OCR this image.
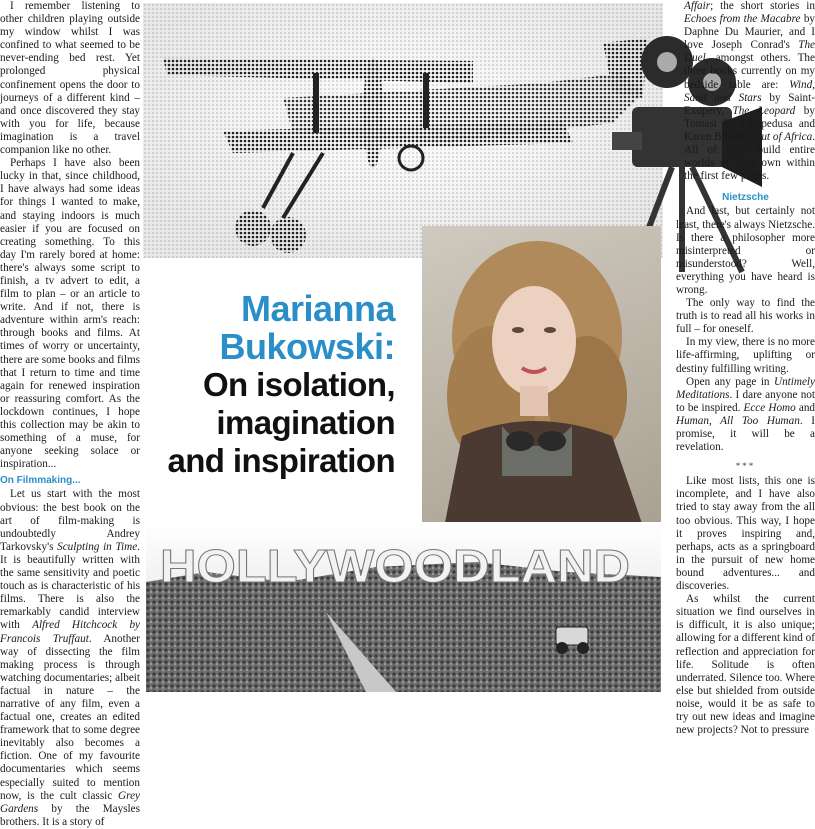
I remember listening to other children playing outside my window whilst I was confined to what seemed to be never-ending bed rest. Yet prolonged physical confinement opens the door to journeys of a different kind – and once discovered they stay with you for life, because imagination is a travel companion like no other.

Perhaps I have also been lucky in that, since childhood, I have always had some ideas for things I wanted to make, and staying indoors is much easier if you are focused on creating something. To this day I'm rarely bored at home: there's always some script to finish, a tv advert to edit, a film to plan – or an article to write. And if not, there is adventure within arm's reach: through books and films. At times of worry or uncertainty, there are some books and films that I return to time and time again for renewed inspiration or reassuring comfort. As the lockdown continues, I hope this collection may be akin to something of a muse, for anyone seeking solace or inspiration...

On Filmmaking...

Let us start with the most obvious: the best book on the art of film-making is undoubtedly Andrey Tarkovsky's Sculpting in Time. It is beautifully written with the same sensitivity and poetic touch as is characteristic of his films. There is also the remarkably candid interview with Alfred Hitchcock by Francois Truffaut. Another way of dissecting the film making process is through watching documentaries; albeit factual in nature – the narrative of any film, even a factual one, creates an edited framework that to some degree inevitably also becomes a fiction. One of my favourite documentaries which seems especially suited to mention now, is the cult classic Grey Gardens by the Maysles brothers. It is a story of

Affair; the short stories in Echoes from the Macabre by Daphne Du Maurier, and I love Joseph Conrad's The Duel, amongst others. The three books currently on my bedside table are: Wind, Sand and Stars by Saint-Exupery, The Leopard by Tomasi Di Lampedusa and Karen Blixen's Out of Africa. All of them build entire worlds of their own within the first few pages.

Nietzsche

And last, but certainly not least, there's always Nietzsche. Is there a philosopher more misinterpreted or misunderstood? Well, everything you have heard is wrong.

The only way to find the truth is to read all his works in full – for oneself.

In my view, there is no more life-affirming, uplifting or destiny fulfilling writing.

Open any page in Untimely Meditations. I dare anyone not to be inspired. Ecce Homo and Human, All Too Human. I promise, it will be a revelation.

***

Like most lists, this one is incomplete, and I have also tried to stay away from the all too obvious. This way, I hope it proves inspiring and, perhaps, acts as a springboard in the pursuit of new home bound adventures... and discoveries.

As whilst the current situation we find ourselves in is difficult, it is also unique; allowing for a different kind of reflection and appreciation for life. Solitude is often underrated. Silence too. Where else but shielded from outside noise, would it be as safe to try out new ideas and imagine new projects? Not to pressure

Marianna
Bukowski:
On isolation,
imagination
and inspiration
HOLLYWOODLAND
